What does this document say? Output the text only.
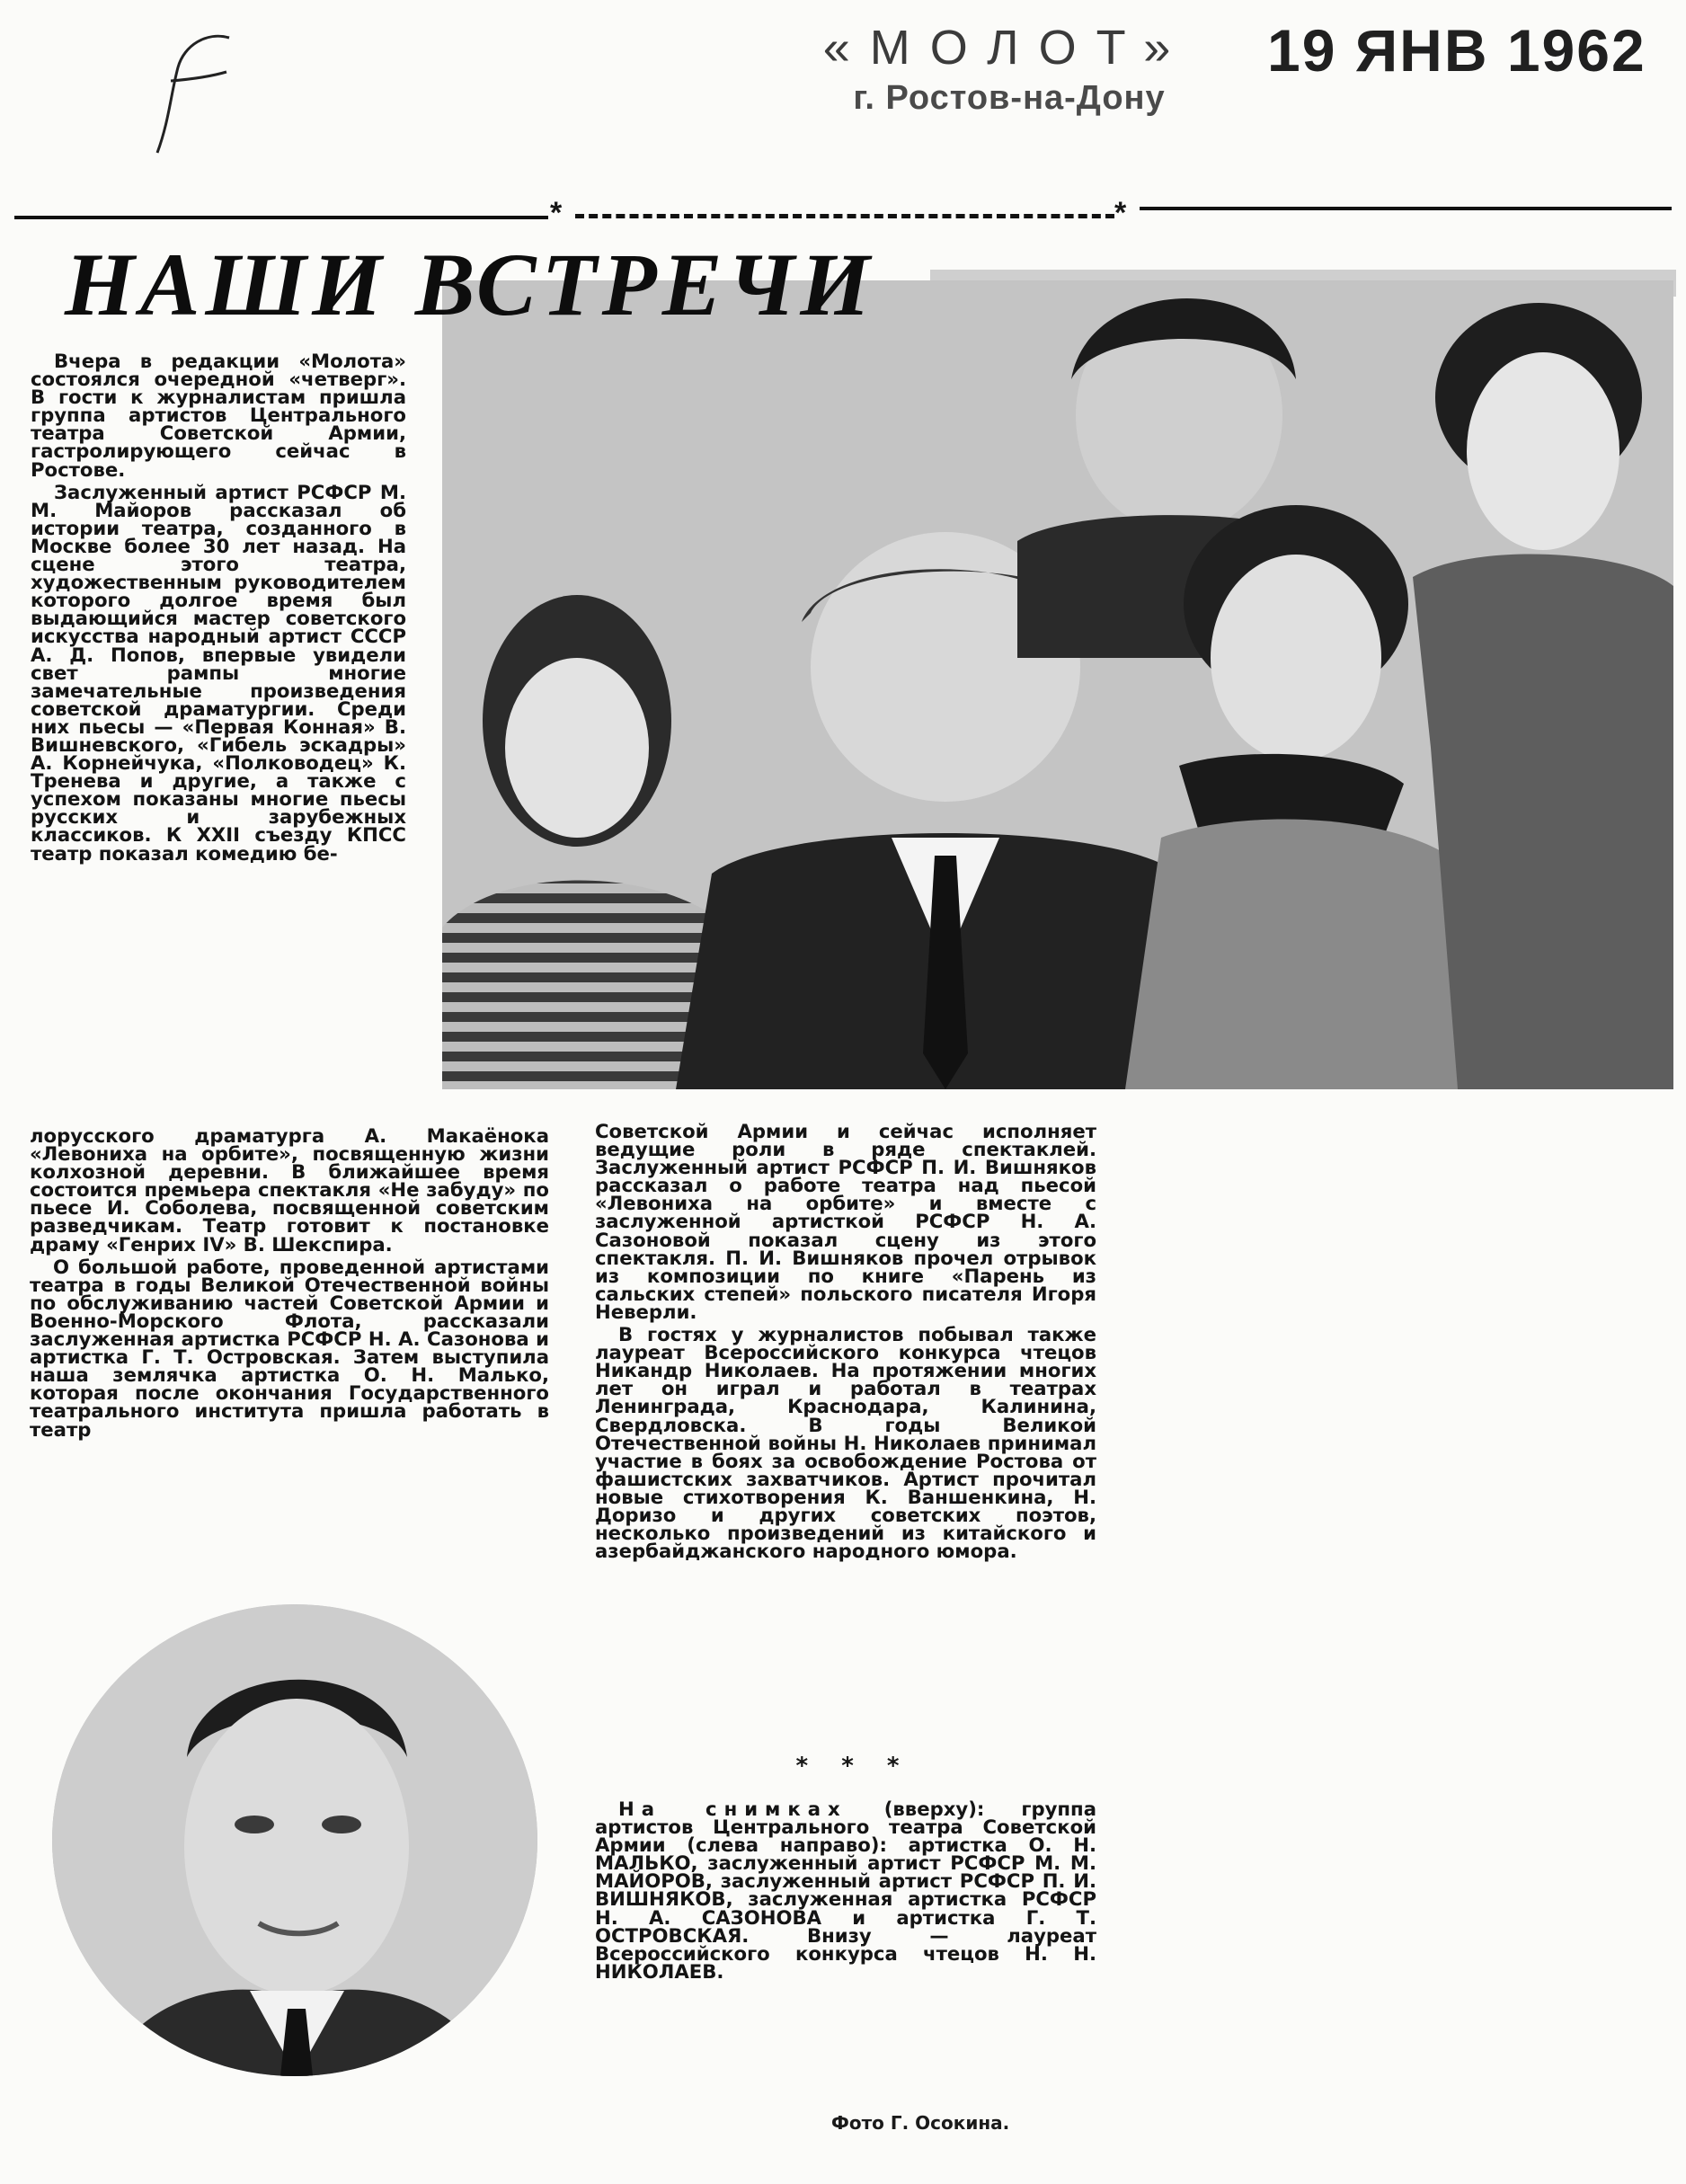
«МОЛОТ»
г. Ростов-на-Дону
19 ЯНВ 1962
*	*
НАШИ ВСТРЕЧИ

Вчера в редакции «Молота» состоялся очередной «четверг». В гости к журналистам пришла группа артистов Центрального театра Советской Армии, гастролирующего сейчас в Ростове.

Заслуженный артист РСФСР М. М. Майоров рассказал об истории театра, созданного в Москве более 30 лет назад. На сцене этого театра, художественным руководителем которого долгое время был выдающийся мастер советского искусства народный артист СССР А. Д. Попов, впервые увидели свет рампы многие замечательные произведения советской драматургии. Среди них пьесы — «Первая Конная» В. Вишневского, «Гибель эскадры» А. Корнейчука, «Полководец» К. Тренева и другие, а также с успехом показаны многие пьесы русских и зарубежных классиков. К XXII съезду КПСС театр показал комедию бе-

лорусского драматурга А. Макаёнока «Левониха на орбите», посвященную жизни колхозной деревни. В ближайшее время состоится премьера спектакля «Не забуду» по пьесе И. Соболева, посвященной советским разведчикам. Театр готовит к постановке драму «Генрих IV» В. Шекспира.

О большой работе, проведенной артистами театра в годы Великой Отечественной войны по обслуживанию частей Советской Армии и Военно-Морского Флота, рассказали заслуженная артистка РСФСР Н. А. Сазонова и артистка Г. Т. Островская. Затем выступила наша землячка артистка О. Н. Малько, которая после окончания Государственного театрального института пришла работать в театр

Советской Армии и сейчас исполняет ведущие роли в ряде спектаклей. Заслуженный артист РСФСР П. И. Вишняков рассказал о работе театра над пьесой «Левониха на орбите» и вместе с заслуженной артисткой РСФСР Н. А. Сазоновой показал сцену из этого спектакля. П. И. Вишняков прочел отрывок из композиции по книге «Парень из сальских степей» польского писателя Игоря Неверли.

В гостях у журналистов побывал также лауреат Всероссийского конкурса чтецов Никандр Николаев. На протяжении многих лет он играл и работал в театрах Ленинграда, Краснодара, Калинина, Свердловска. В годы Великой Отечественной войны Н. Николаев принимал участие в боях за освобождение Ростова от фашистских захватчиков. Артист прочитал новые стихотворения К. Ваншенкина, Н. Доризо и других советских поэтов, несколько произведений из китайского и азербайджанского народного юмора.

* * *

На снимках (вверху): группа артистов Центрального театра Советской Армии (слева направо): артистка О. Н. МАЛЬКО, заслуженный артист РСФСР М. М. МАЙОРОВ, заслуженный артист РСФСР П. И. ВИШНЯКОВ, заслуженная артистка РСФСР Н. А. САЗОНОВА и артистка Г. Т. ОСТРОВСКАЯ. Внизу — лауреат Всероссийского конкурса чтецов Н. Н. НИКОЛАЕВ.

Фото Г. Осокина.
